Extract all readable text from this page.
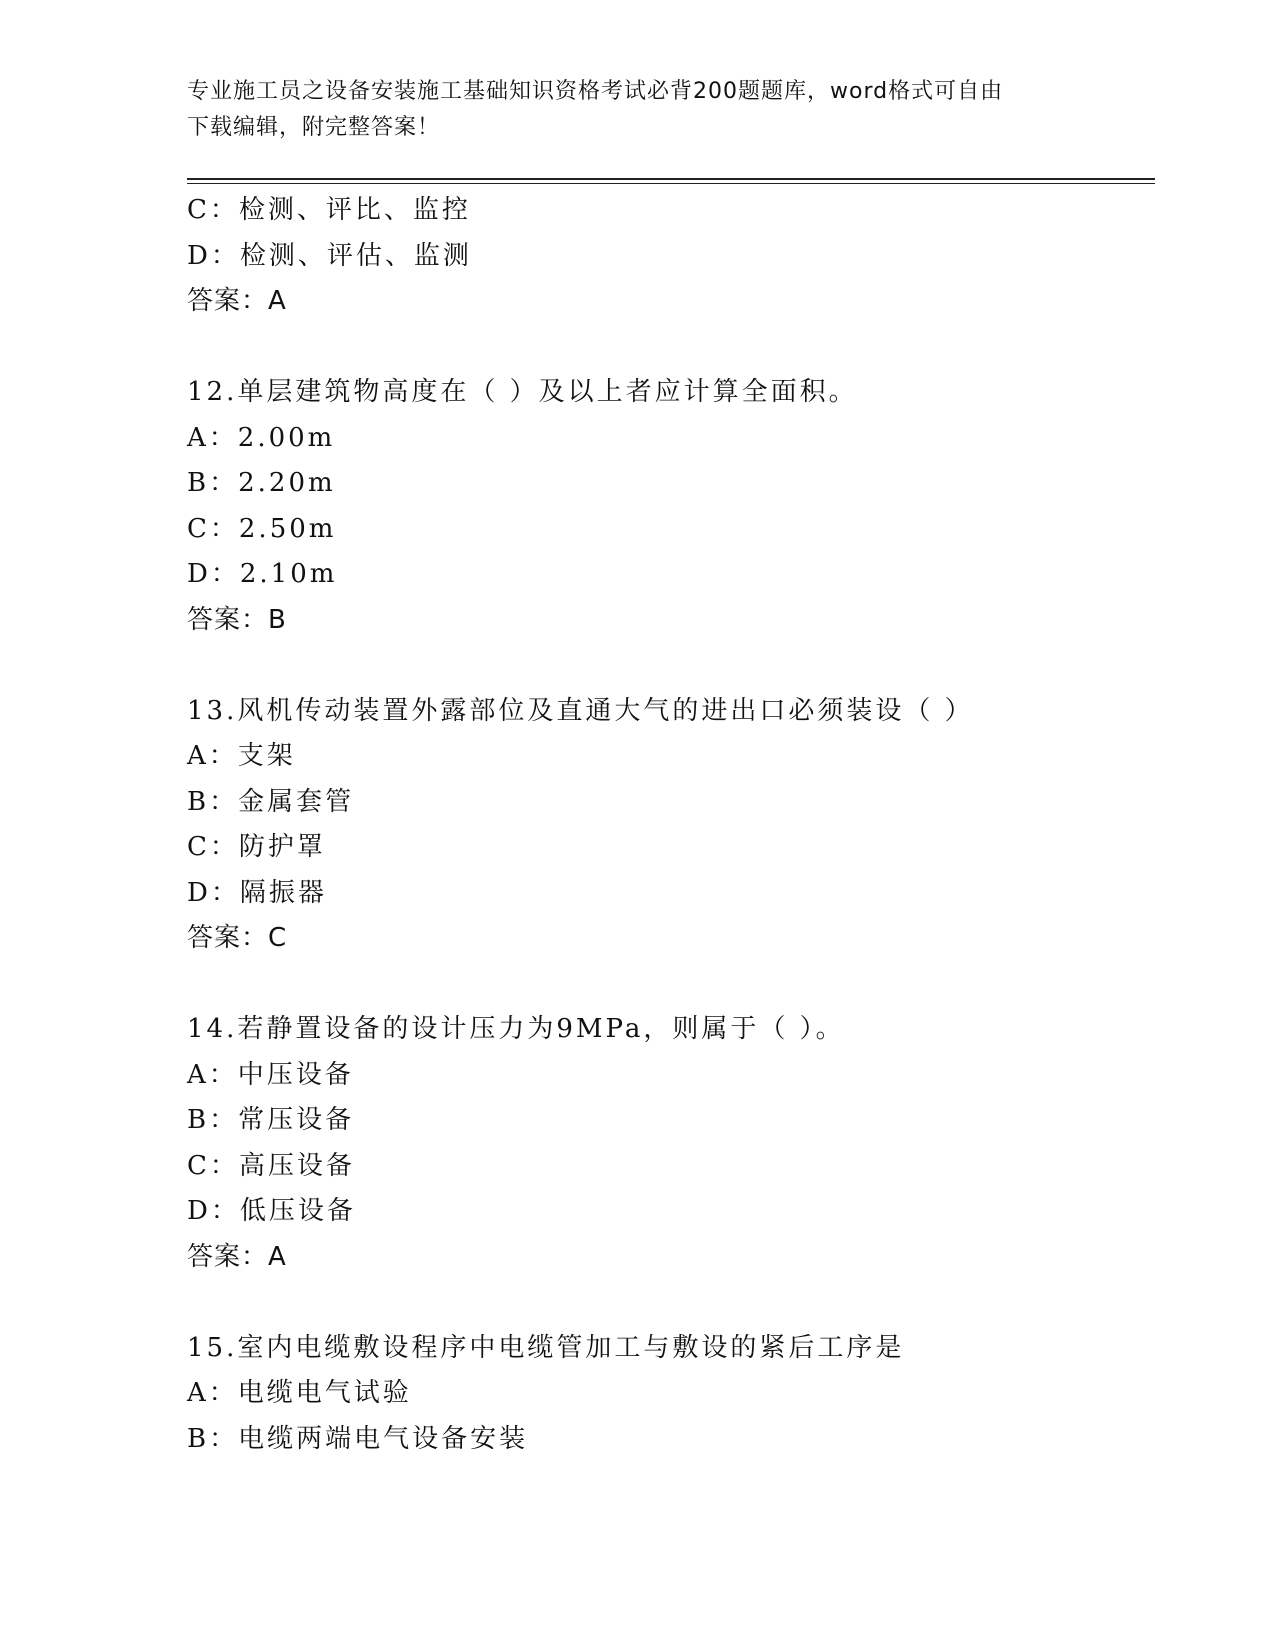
专业施工员之设备安装施工基础知识资格考试必背200题题库，word格式可自由
下载编辑，附完整答案！
C：检测、评比、监控
D：检测、评估、监测
答案：A
12.单层建筑物高度在（ ）及以上者应计算全面积。
A：2.00m
B：2.20m
C：2.50m
D：2.10m
答案：B
13.风机传动装置外露部位及直通大气的进出口必须装设（ ）
A：支架
B：金属套管
C：防护罩
D：隔振器
答案：C
14.若静置设备的设计压力为9MPa，则属于（ ）。
A：中压设备
B：常压设备
C：高压设备
D：低压设备
答案：A
15.室内电缆敷设程序中电缆管加工与敷设的紧后工序是
A：电缆电气试验
B：电缆两端电气设备安装
